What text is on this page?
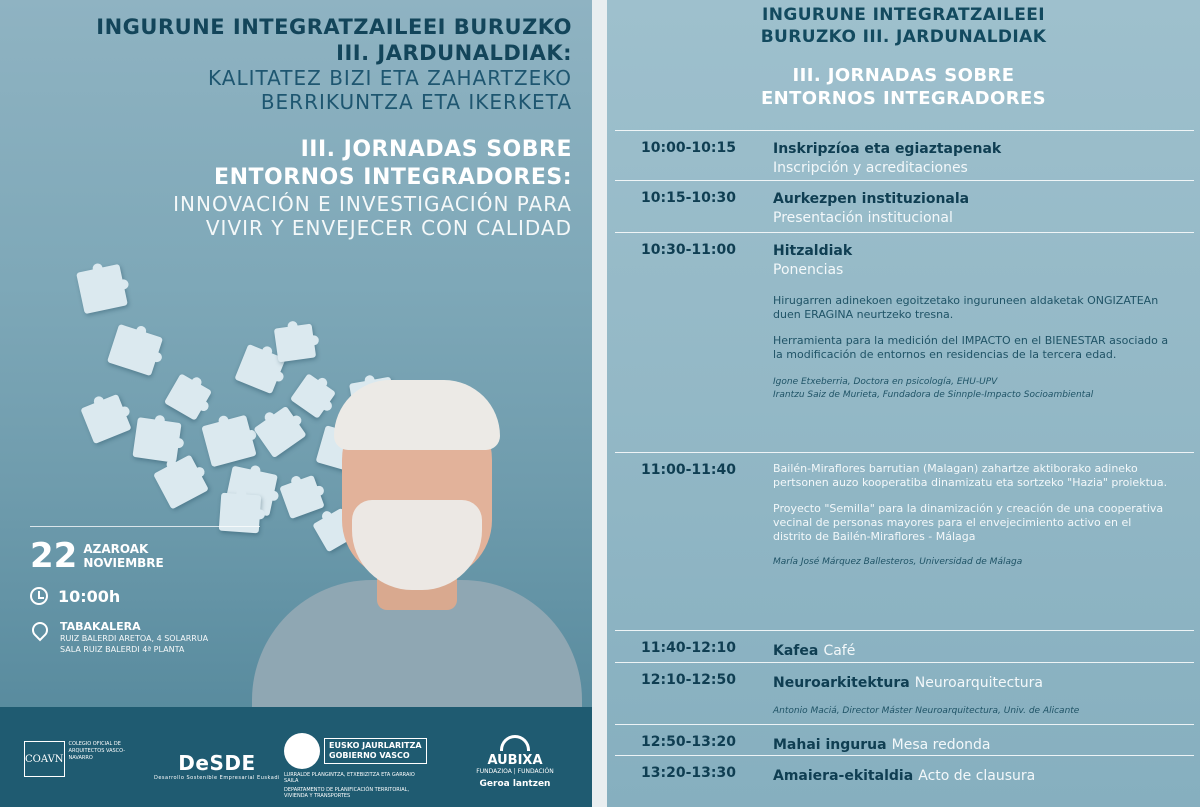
INGURUNE INTEGRATZAILEEI BURUZKO
III. JARDUNALDIAK:
KALITATEZ BIZI ETA ZAHARTZEKO
BERRIKUNTZA ETA IKERKETA
III. JORNADAS SOBRE
ENTORNOS INTEGRADORES:
INNOVACIÓN E INVESTIGACIÓN PARA
VIVIR Y ENVEJECER CON CALIDAD
22 AZAROAK
NOVIEMBRE
10:00h
TABAKALERA
RUIZ BALERDI ARETOA, 4 SOLARRUA
SALA RUIZ BALERDI 4ª PLANTA
COAVN
COLEGIO OFICIAL DE ARQUITECTOS VASCO-NAVARRO	DeSDE
Desarrollo Sostenible Empresarial Euskadi
EUSKO JAURLARITZA
GOBIERNO VASCO
LURRALDE PLANGINTZA, ETXEBIZITZA ETA GARRAIO SAILA
DEPARTAMENTO DE PLANIFICACIÓN TERRITORIAL, VIVIENDA Y TRANSPORTES
AUBIXA
FUNDAZIOA | FUNDACIÓN
Geroa lantzen
INGURUNE INTEGRATZAILEEI
BURUZKO III. JARDUNALDIAK
III. JORNADAS SOBRE
ENTORNOS INTEGRADORES
10:00-10:15	Inskripzíoa eta egiaztapenak
Inscripción y acreditaciones
10:15-10:30	Aurkezpen instituzionala
Presentación institucional
10:30-11:00	Hitzaldiak
Ponencias
Hirugarren adinekoen egoitzetako inguruneen aldaketak ONGIZATEAn duen ERAGINA neurtzeko tresna.
Herramienta para la medición del IMPACTO en el BIENESTAR asociado a la modificación de entornos en residencias de la tercera edad.
Igone Etxeberria, Doctora en psicología, EHU-UPV
Irantzu Saiz de Murieta, Fundadora de Sinnple-Impacto Socioambiental
11:00-11:40	Bailén-Miraflores barrutian (Malagan) zahartze aktiborako adineko pertsonen auzo kooperatiba dinamizatu eta sortzeko "Hazia" proiektua.
Proyecto "Semilla" para la dinamización y creación de una cooperativa vecinal de personas mayores para el envejecimiento activo en el distrito de Bailén-Miraflores - Málaga
María José Márquez Ballesteros, Universidad de Málaga
11:40-12:10	Kafea Café
12:10-12:50	Neuroarkitektura Neuroarquitectura
Antonio Maciá, Director Máster Neuroarquitectura, Univ. de Alicante
12:50-13:20	Mahai ingurua Mesa redonda
13:20-13:30	Amaiera-ekitaldia Acto de clausura
